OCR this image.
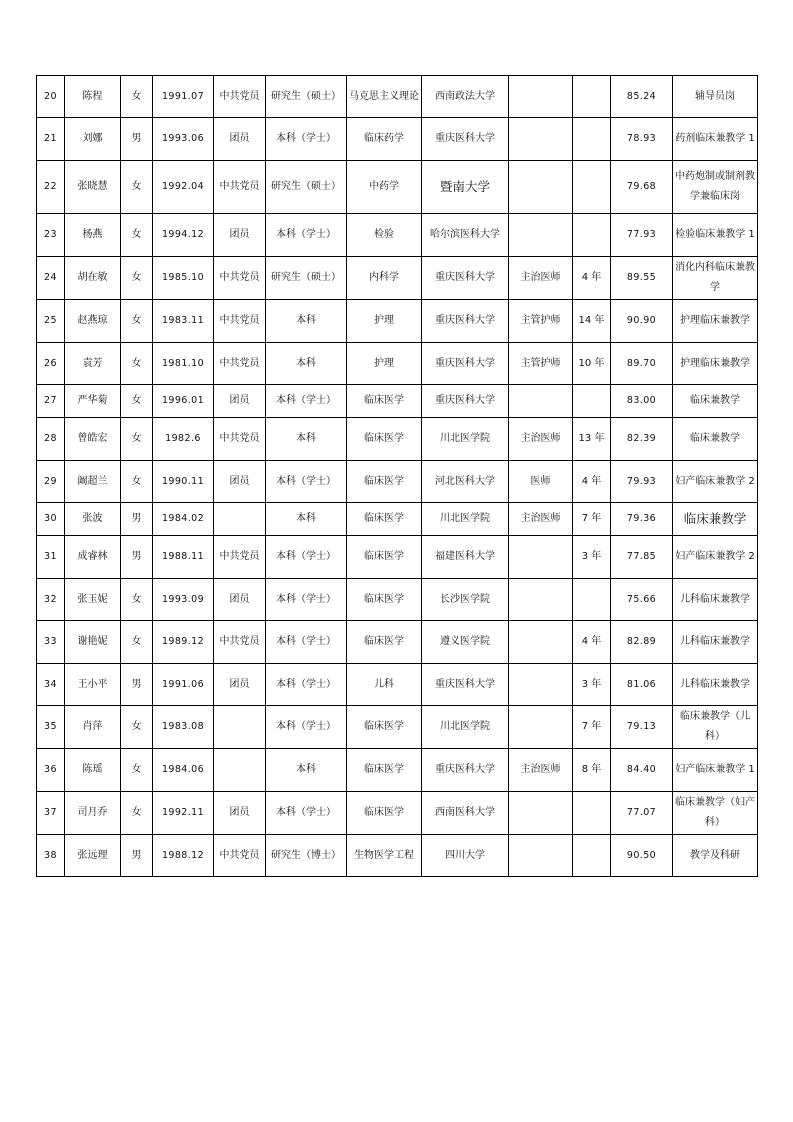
20	陈程	女	1991.07	中共党员	研究生（硕士）	马克思主义理论	西南政法大学			85.24	辅导员岗
21	刘娜	男	1993.06	团员	本科（学士）	临床药学	重庆医科大学			78.93	药剂临床兼教学 1
22	张晓慧	女	1992.04	中共党员	研究生（硕士）	中药学	暨南大学			79.68	中药炮制或制剂教学兼临床岗
23	杨燕	女	1994.12	团员	本科（学士）	检验	哈尔滨医科大学			77.93	检验临床兼教学 1
24	胡在敏	女	1985.10	中共党员	研究生（硕士）	内科学	重庆医科大学	主治医师	4 年	89.55	消化内科临床兼教学
25	赵燕琼	女	1983.11	中共党员	本科	护理	重庆医科大学	主管护师	14 年	90.90	护理临床兼教学
26	袁芳	女	1981.10	中共党员	本科	护理	重庆医科大学	主管护师	10 年	89.70	护理临床兼教学
27	严华菊	女	1996.01	团员	本科（学士）	临床医学	重庆医科大学			83.00	临床兼教学
28	曾皓宏	女	1982.6	中共党员	本科	临床医学	川北医学院	主治医师	13 年	82.39	临床兼教学
29	阚超兰	女	1990.11	团员	本科（学士）	临床医学	河北医科大学	医师	4 年	79.93	妇产临床兼教学 2
30	张波	男	1984.02		本科	临床医学	川北医学院	主治医师	7 年	79.36	临床兼教学
31	成睿林	男	1988.11	中共党员	本科（学士）	临床医学	福建医科大学		3 年	77.85	妇产临床兼教学 2
32	张玉妮	女	1993.09	团员	本科（学士）	临床医学	长沙医学院			75.66	儿科临床兼教学
33	谢艳妮	女	1989.12	中共党员	本科（学士）	临床医学	遵义医学院		4 年	82.89	儿科临床兼教学
34	王小平	男	1991.06	团员	本科（学士）	儿科	重庆医科大学		3 年	81.06	儿科临床兼教学
35	肖萍	女	1983.08		本科（学士）	临床医学	川北医学院		7 年	79.13	临床兼教学（儿科）
36	陈瑶	女	1984.06		本科	临床医学	重庆医科大学	主治医师	8 年	84.40	妇产临床兼教学 1
37	司月乔	女	1992.11	团员	本科（学士）	临床医学	西南医科大学			77.07	临床兼教学（妇产科）
38	张远理	男	1988.12	中共党员	研究生（博士）	生物医学工程	四川大学			90.50	教学及科研
